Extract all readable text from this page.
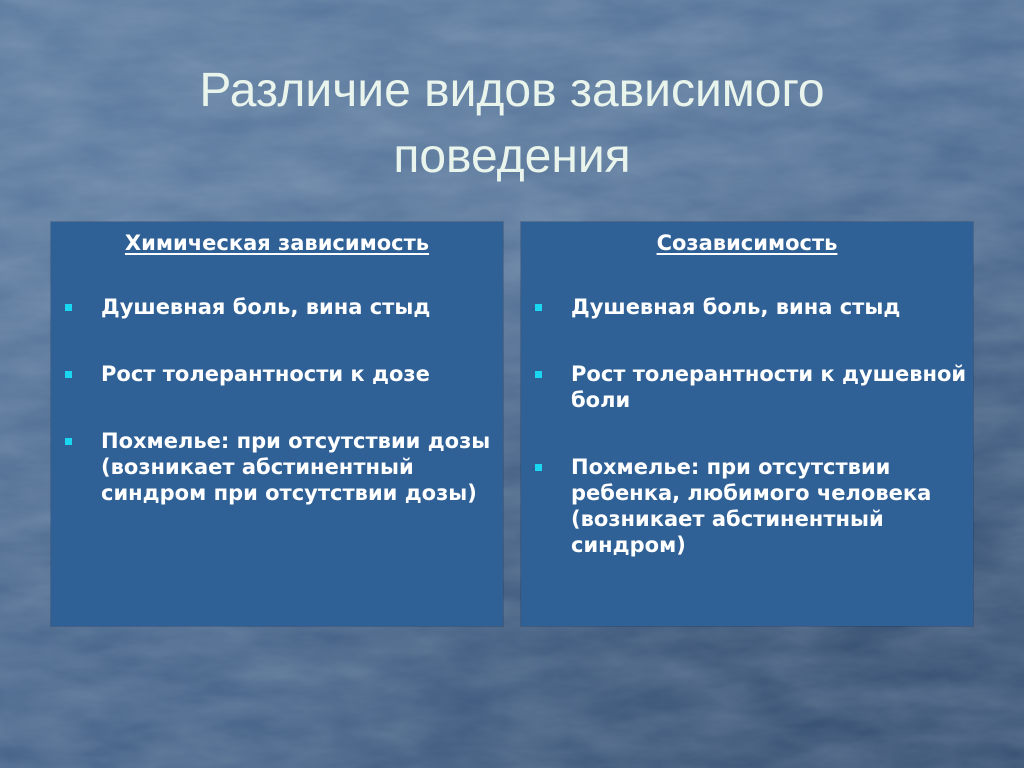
Различие видов зависимого
поведения
Химическая зависимость
Душевная боль, вина стыд
Рост толерантности к дозе
Похмелье: при отсутствии дозы (возникает абстинентный синдром при отсутствии дозы)
Созависимость
Душевная боль, вина стыд
Рост толерантности к душевной боли
Похмелье: при отсутствии ребенка, любимого человека (возникает абстинентный синдром)
